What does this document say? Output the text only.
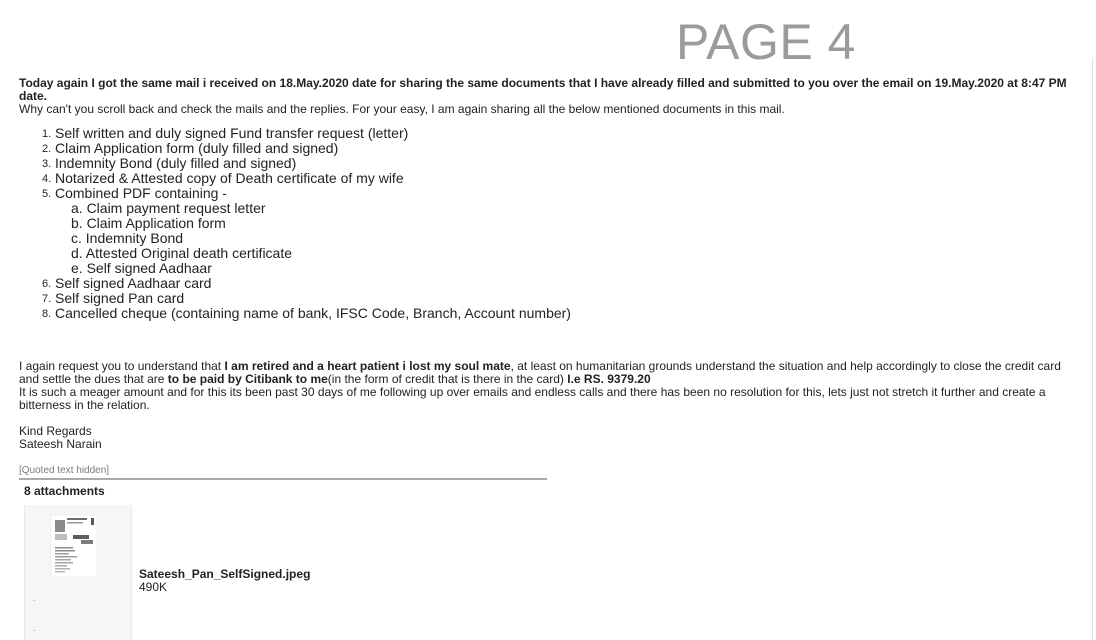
PAGE 4
Today again I got the same mail i received on 18.May.2020 date for sharing the same documents that I have already filled and submitted to you over the email on 19.May.2020 at 8:47 PM date.
Why can't you scroll back and check the mails and the replies. For your easy, I am again sharing all the below mentioned documents in this mail.
1. Self written and duly signed Fund transfer request (letter)
2. Claim Application form (duly filled and signed)
3. Indemnity Bond (duly filled and signed)
4. Notarized & Attested copy of Death certificate of my wife
5. Combined PDF containing -
a. Claim payment request letter
b. Claim Application form
c. Indemnity Bond
d. Attested Original death certificate
e. Self signed Aadhaar
6. Self signed Aadhaar card
7. Self signed Pan card
8. Cancelled cheque (containing name of bank, IFSC Code, Branch, Account number)
I again request you to understand that I am retired and a heart patient i lost my soul mate, at least on humanitarian grounds understand the situation and help accordingly to close the credit card and settle the dues that are to be paid by Citibank to me(in the form of credit that is there in the card) I.e RS. 9379.20
It is such a meager amount and for this its been past 30 days of me following up over emails and endless calls and there has been no resolution for this, lets just not stretch it further and create a bitterness in the relation.
Kind Regards
Sateesh Narain
[Quoted text hidden]
8 attachments
Sateesh_Pan_SelfSigned.jpeg
490K
